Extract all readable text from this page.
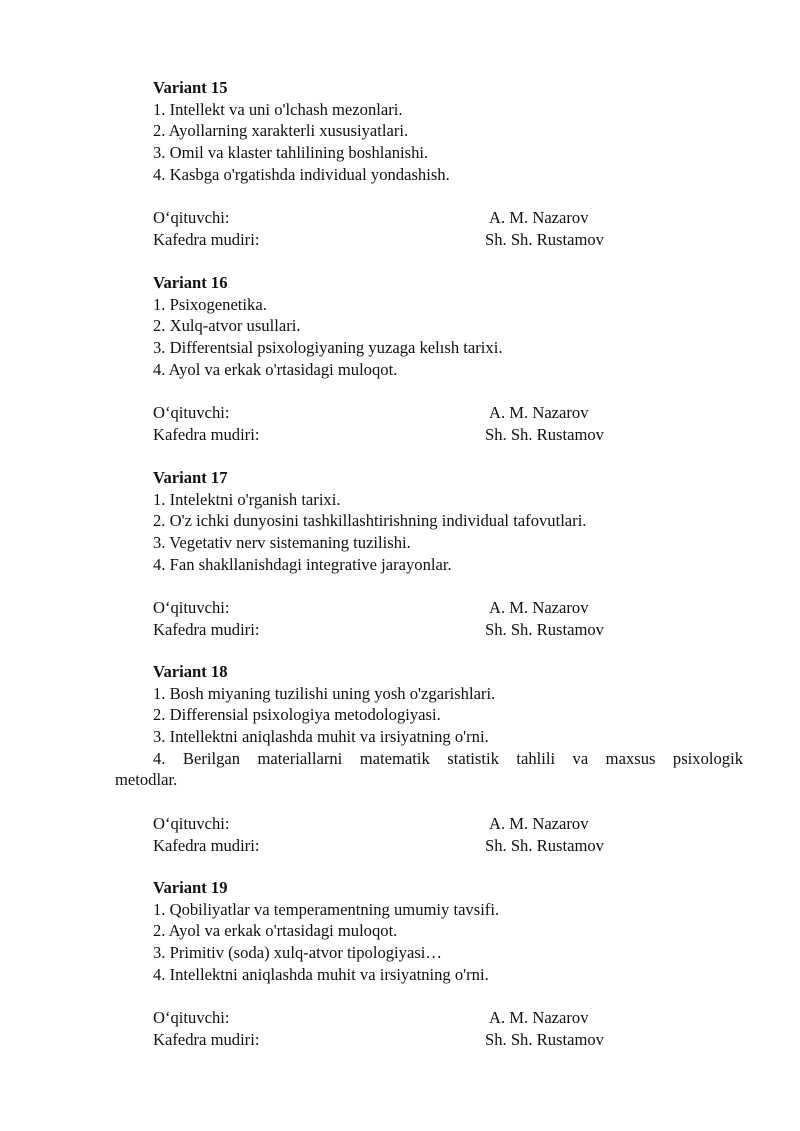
Variant 15
1. Intellekt va uni o'lchash mezonlari.
2. Ayollarning xarakterli xususiyatlari.
3. Omil va klaster tahlilining boshlanishi.
4. Kasbga o'rgatishda individual yondashish.
O‘qituvchi:	A. M. Nazarov
Kafedra mudiri:	Sh. Sh. Rustamov
Variant 16
1. Psixogenetika.
2. Xulq-atvor usullari.
3. Differentsial psixologiyaning yuzaga kelısh tarixi.
4. Ayol va erkak o'rtasidagi muloqot.
O‘qituvchi:	A. M. Nazarov
Kafedra mudiri:	Sh. Sh. Rustamov
Variant 17
1. Intelektni o'rganish tarixi.
2. O'z ichki dunyosini tashkillashtirishning individual tafovutlari.
3. Vegetativ nerv sistemaning tuzilishi.
4. Fan shakllanishdagi integrative jarayonlar.
O‘qituvchi:	A. M. Nazarov
Kafedra mudiri:	Sh. Sh. Rustamov
Variant 18
1. Bosh miyaning tuzilishi uning yosh o'zgarishlari.
2. Differensial psixologiya metodologiyasi.
3. Intellektni aniqlashda muhit va irsiyatning o'rni.
4. Berilgan materiallarni matematik statistik tahlili va maxsus psixologik
metodlar.
O‘qituvchi:	A. M. Nazarov
Kafedra mudiri:	Sh. Sh. Rustamov
Variant 19
1. Qobiliyatlar va temperamentning umumiy tavsifi.
2. Ayol va erkak o'rtasidagi muloqot.
3. Primitiv (soda) xulq-atvor tipologiyasi…
4. Intellektni aniqlashda muhit va irsiyatning o'rni.
O‘qituvchi:	A. M. Nazarov
Kafedra mudiri:	Sh. Sh. Rustamov
